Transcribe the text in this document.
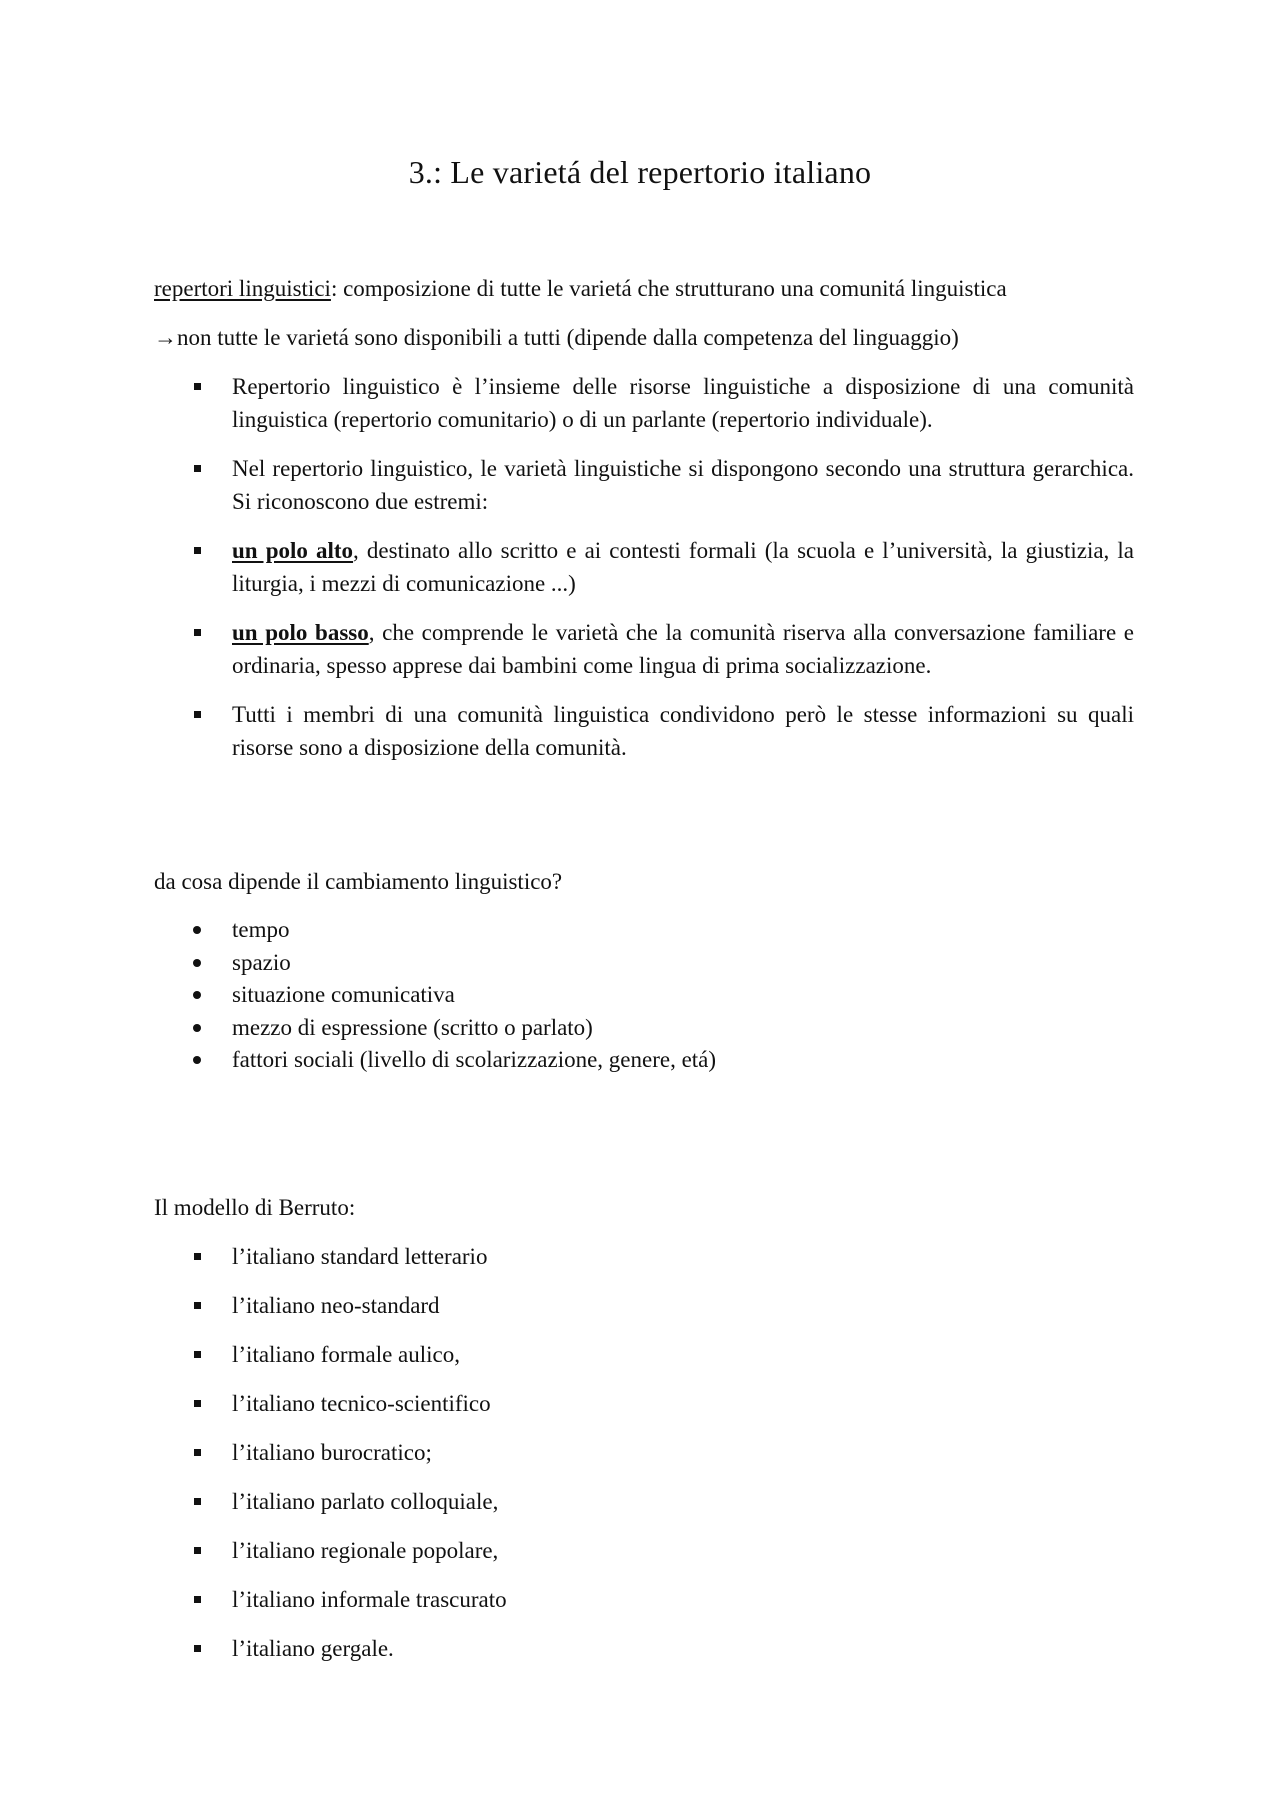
3.: Le varietá del repertorio italiano

repertori linguistici: composizione di tutte le varietá che strutturano una comunitá linguistica

→non tutte le varietá sono disponibili a tutti (dipende dalla competenza del linguaggio)

Repertorio linguistico è l’insieme delle risorse linguistiche a disposizione di una comunità linguistica (repertorio comunitario) o di un parlante (repertorio individuale).
Nel repertorio linguistico, le varietà linguistiche si dispongono secondo una struttura gerarchica. Si riconoscono due estremi:
un polo alto, destinato allo scritto e ai contesti formali (la scuola e l’università, la giustizia, la liturgia, i mezzi di comunicazione ...)
un polo basso, che comprende le varietà che la comunità riserva alla conversazione familiare e ordinaria, spesso apprese dai bambini come lingua di prima socializzazione.
Tutti i membri di una comunità linguistica condividono però le stesse informazioni su quali risorse sono a disposizione della comunità.

da cosa dipende il cambiamento linguistico?

tempo
spazio
situazione comunicativa
mezzo di espressione (scritto o parlato)
fattori sociali (livello di scolarizzazione, genere, etá)

Il modello di Berruto:

l’italiano standard letterario
l’italiano neo-standard
l’italiano formale aulico,
l’italiano tecnico-scientifico
l’italiano burocratico;
l’italiano parlato colloquiale,
l’italiano regionale popolare,
l’italiano informale trascurato
l’italiano gergale.
